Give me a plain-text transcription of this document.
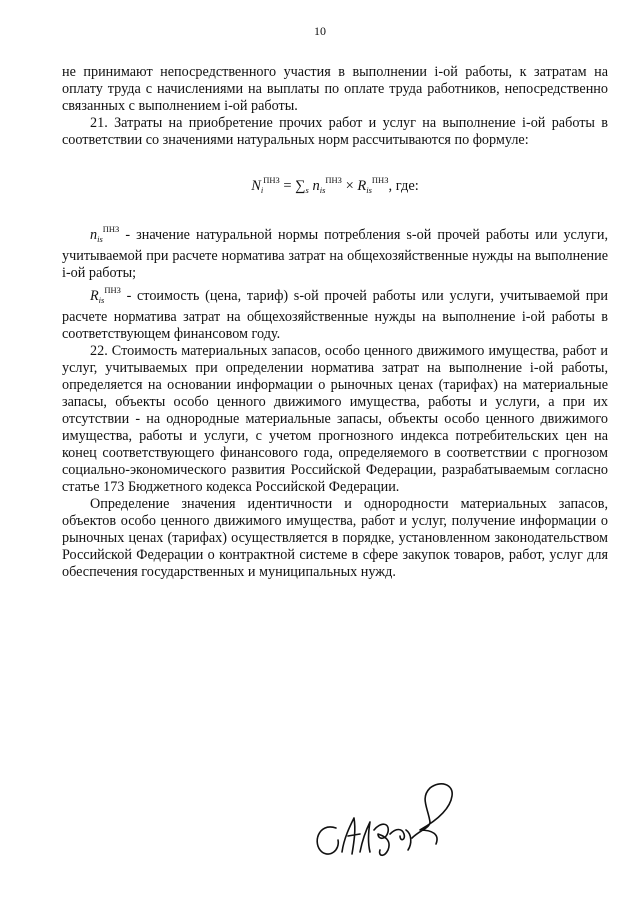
10

не принимают непосредственного участия в выполнении i-ой работы, к затратам на оплату труда с начислениями на выплаты по оплате труда работников, непосредственно связанных с выполнением i-ой работы.

21. Затраты на приобретение прочих работ и услуг на выполнение i-ой работы в соответствии со значениями натуральных норм рассчитываются по формуле:

$N_i^{ПНЗ} = \sum_s$ $n_{is}^{ПНЗ} \times R_{is}^{ПНЗ}$, где:

$n_{is}^{ПНЗ}$ - значение натуральной нормы потребления s-ой прочей работы или услуги, учитываемой при расчете норматива затрат на общехозяйственные нужды на выполнение i-ой работы;

$R_{is}^{ПНЗ}$ - стоимость (цена, тариф) s-ой прочей работы или услуги, учитываемой при расчете норматива затрат на общехозяйственные нужды на выполнение i-ой работы в соответствующем финансовом году.

22. Стоимость материальных запасов, особо ценного движимого имущества, работ и услуг, учитываемых при определении норматива затрат на выполнение i-ой работы, определяется на основании информации о рыночных ценах (тарифах) на материальные запасы, объекты особо ценного движимого имущества, работы и услуги, а при их отсутствии - на однородные материальные запасы, объекты особо ценного движимого имущества, работы и услуги, с учетом прогнозного индекса потребительских цен на конец соответствующего финансового года, определяемого в соответствии с прогнозом социально-экономического развития Российской Федерации, разрабатываемым согласно статье 173 Бюджетного кодекса Российской Федерации.

Определение значения идентичности и однородности материальных запасов, объектов особо ценного движимого имущества, работ и услуг, получение информации о рыночных ценах (тарифах) осуществляется в порядке, установленном законодательством Российской Федерации о контрактной системе в сфере закупок товаров, работ, услуг для обеспечения государственных и муниципальных нужд.
